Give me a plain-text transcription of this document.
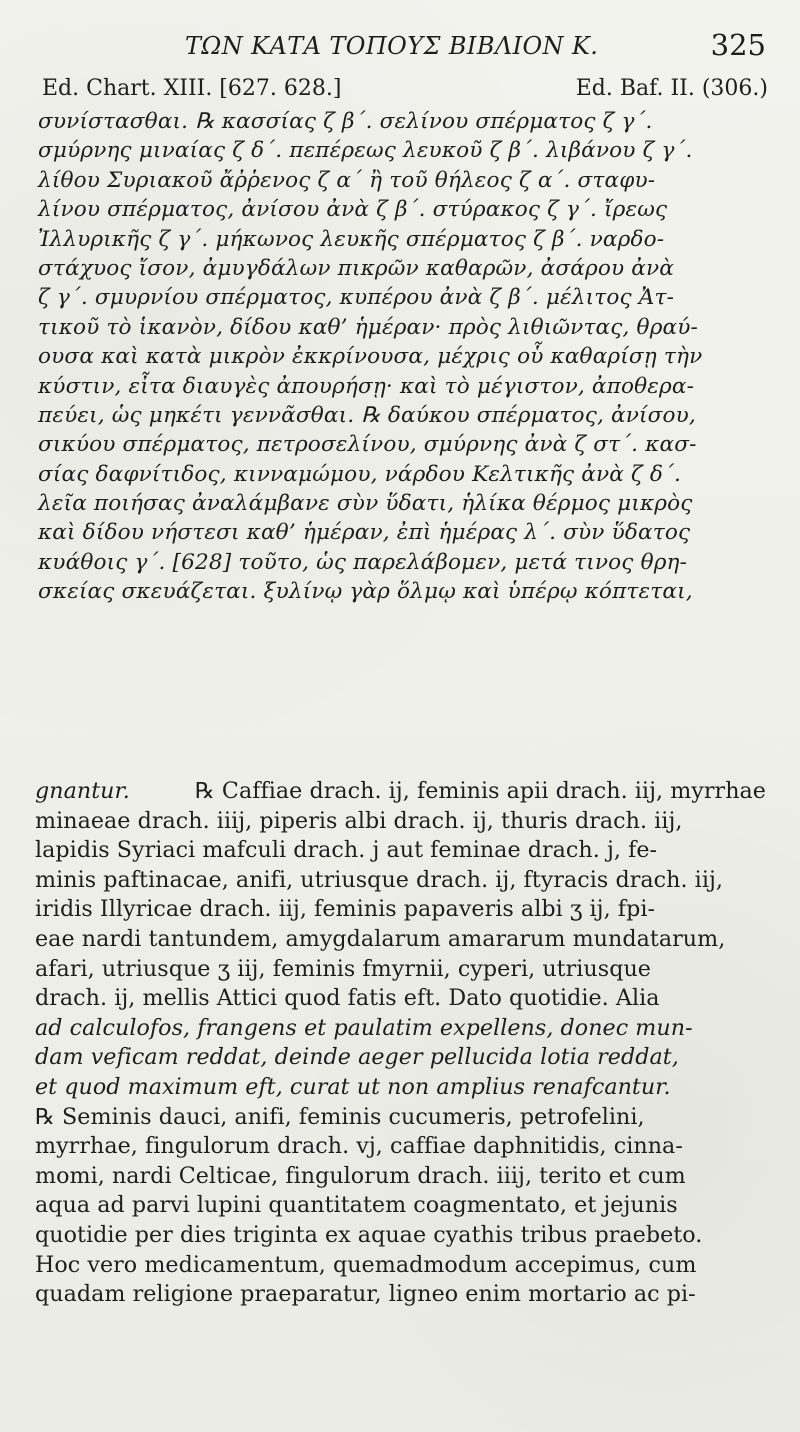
ΤΩΝ ΚΑΤΑ ΤΟΠΟΥΣ ΒΙΒΛΙΟΝ Κ.	325
Ed. Chart. XIII. [627. 628.]	Ed. Baf. II. (306.)
συνίστασθαι. ℞ κασσίας ζ β΄. σελίνου σπέρματος ζ γ΄.
σμύρνης μιναίας ζ δ΄. πεπέρεως λευκοῦ ζ β΄. λιβάνου ζ γ΄.
λίθου Συριακοῦ ἄῤῥενος ζ α΄ ἢ τοῦ θήλεος ζ α΄. σταφυ-
λίνου σπέρματος, ἀνίσου ἀνὰ ζ β΄. στύρακος ζ γ΄. ἴρεως
Ἰλλυρικῆς ζ γ΄. μήκωνος λευκῆς σπέρματος ζ β΄. ναρδο-
στάχυος ἴσον, ἀμυγδάλων πικρῶν καθαρῶν, ἀσάρου ἀνὰ
ζ γ΄. σμυρνίου σπέρματος, κυπέρου ἀνὰ ζ β΄. μέλιτος Ἀτ-
τικοῦ τὸ ἱκανὸν, δίδου καθ’ ἡμέραν· πρὸς λιθιῶντας, θραύ-
ουσα καὶ κατὰ μικρὸν ἐκκρίνουσα, μέχρις οὗ καθαρίσῃ τὴν
κύστιν, εἶτα διαυγὲς ἀπουρήσῃ· καὶ τὸ μέγιστον, ἀποθερα-
πεύει, ὡς μηκέτι γεννᾶσθαι. ℞ δαύκου σπέρματος, ἀνίσου,
σικύου σπέρματος, πετροσελίνου, σμύρνης ἀνὰ ζ στ΄. κασ-
σίας δαφνίτιδος, κινναμώμου, νάρδου Κελτικῆς ἀνὰ ζ δ΄.
λεῖα ποιήσας ἀναλάμβανε σὺν ὕδατι, ἡλίκα θέρμος μικρὸς
καὶ δίδου νήστεσι καθ’ ἡμέραν, ἐπὶ ἡμέρας λ΄. σὺν ὕδατος
κυάθοις γ΄. [628] τοῦτο, ὡς παρελάβομεν, μετά τινος θρη-
σκείας σκευάζεται. ξυλίνῳ γὰρ ὅλμῳ καὶ ὑπέρῳ κόπτεται,
gnantur.	℞ Caffiae drach. ij, feminis apii drach. iij, myrrhae
minaeae drach. iiij, piperis albi drach. ij, thuris drach. iij,
lapidis Syriaci mafculi drach. j aut feminae drach. j, fe-
minis paftinacae, anifi, utriusque drach. ij, ftyracis drach. iij,
iridis Illyricae drach. iij, feminis papaveris albi ʒ ij, fpi-
eae nardi tantundem, amygdalarum amararum mundatarum,
afari, utriusque ʒ iij, feminis fmyrnii, cyperi, utriusque
drach. ij, mellis Attici quod fatis eft. Dato quotidie. Alia
ad calculofos, frangens et paulatim expellens, donec mun-
dam veficam reddat, deinde aeger pellucida lotia reddat,
et quod maximum eft, curat ut non amplius renafcantur.
℞ Seminis dauci, anifi, feminis cucumeris, petrofelini,
myrrhae, fingulorum drach. vj, caffiae daphnitidis, cinna-
momi, nardi Celticae, fingulorum drach. iiij, terito et cum
aqua ad parvi lupini quantitatem coagmentato, et jejunis
quotidie per dies triginta ex aquae cyathis tribus praebeto.
Hoc vero medicamentum, quemadmodum accepimus, cum
quadam religione praeparatur, ligneo enim mortario ac pi-
